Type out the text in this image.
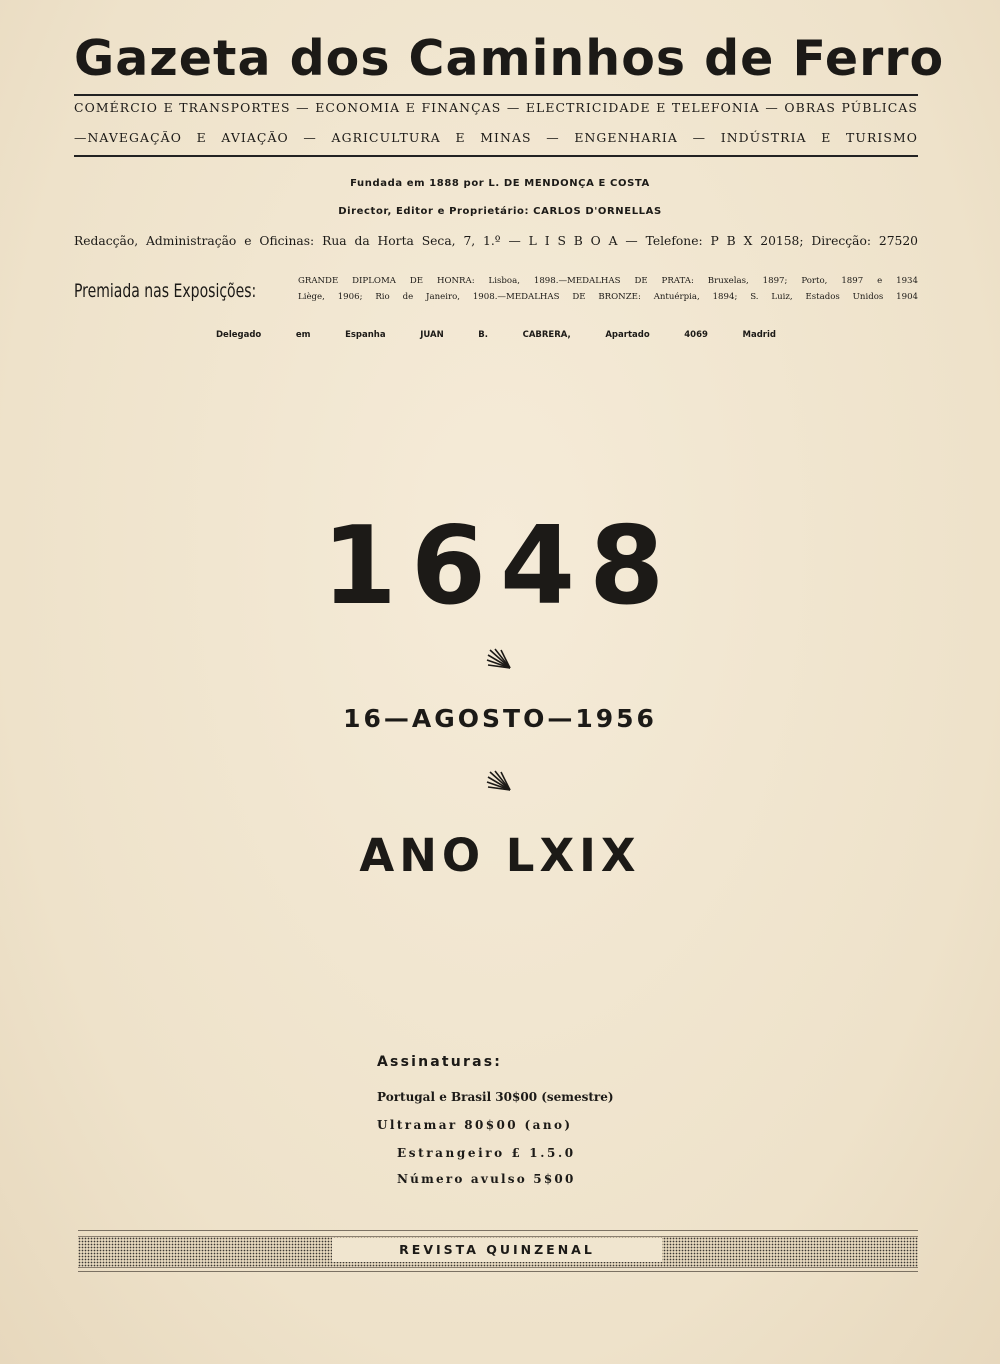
Gazeta dos Caminhos de Ferro
COMÉRCIO E TRANSPORTES — ECONOMIA E FINANÇAS — ELECTRICIDADE E TELEFONIA — OBRAS PÚBLICAS
—NAVEGAÇÃO E AVIAÇÃO — AGRICULTURA E MINAS — ENGENHARIA — INDÚSTRIA E TURISMO
Fundada em 1888 por L. DE MENDONÇA E COSTA
Director, Editor e Proprietário: CARLOS D'ORNELLAS
Redacção, Administração e Oficinas: Rua da Horta Seca, 7, 1.º — L I S B O A — Telefone: P B X 20158; Direcção: 27520
Premiada nas Exposições:	GRANDE DIPLOMA DE HONRA: Lisboa, 1898.—MEDALHAS DE PRATA: Bruxelas, 1897; Porto, 1897 e 1934
Liège, 1906; Rio de Janeiro, 1908.—MEDALHAS DE BRONZE: Antuérpia, 1894; S. Luiz, Estados Unidos 1904
Delegado em Espanha JUAN B. CABRERA, Apartado 4069 Madrid
1648
16—AGOSTO—1956
ANO LXIX
Assinaturas:
Portugal e Brasil 30$00 (semestre)
Ultramar 80$00 (ano)
Estrangeiro £ 1.5.0
Número avulso 5$00
REVISTA QUINZENAL
